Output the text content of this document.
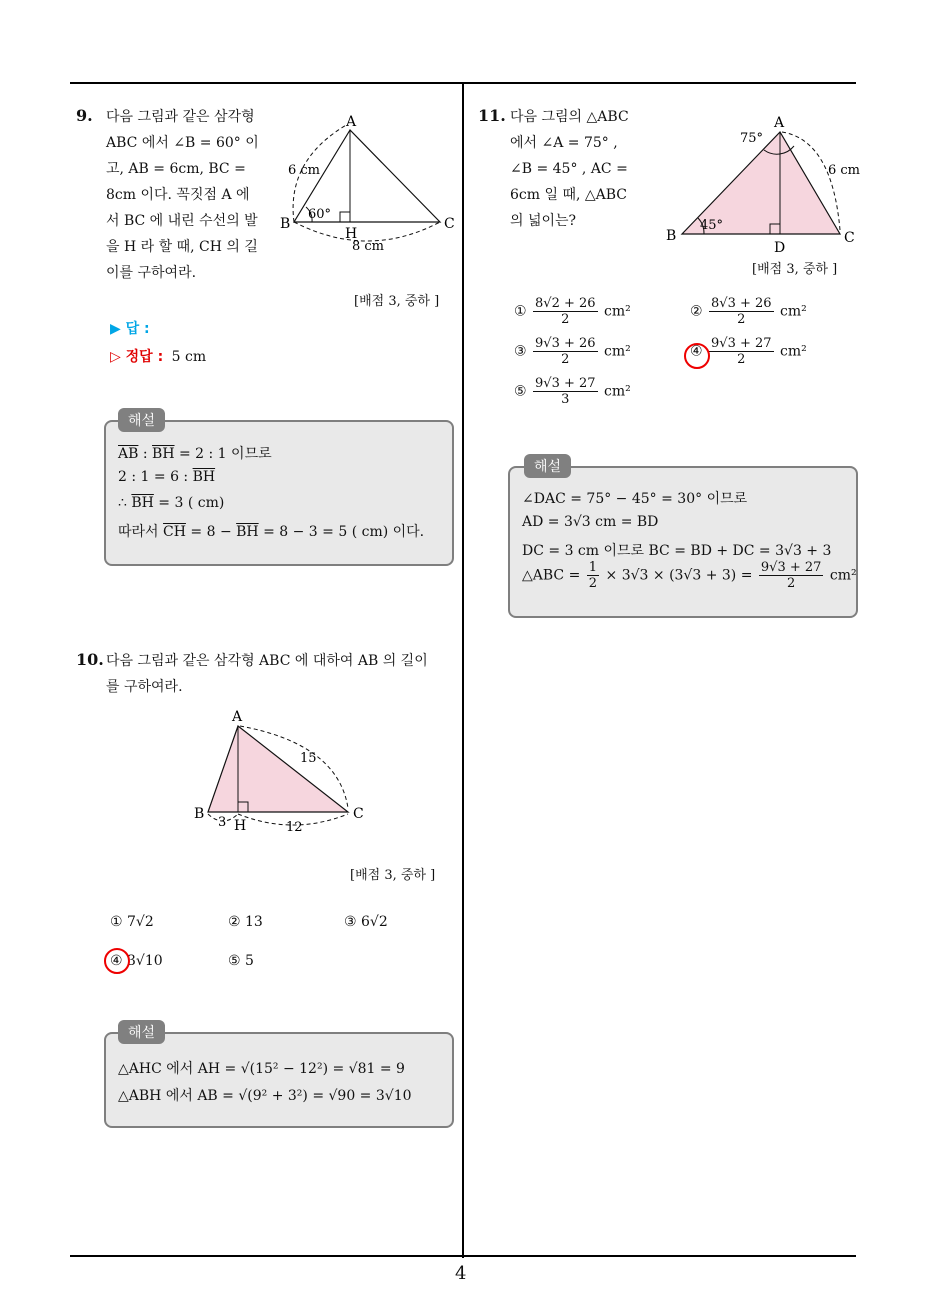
4
9. 다음 그림과 같은 삼각형
ABC 에서 ∠B = 60° 이
고, AB = 6cm, BC =
8cm 이다. 꼭짓점 A 에
서 BC 에 내린 수선의 발
을 H 라 할 때, CH 의 길
이를 구하여라.
A
B	C
H
6 cm
8 cm
60°
[배점 3, 중하 ]
▶ 답 :
▷ 정답 : 5 cm
해설
$\overline{AB}$ : $\overline{BH} = 2$ : 1 이므로
2 : 1 = 6 : $\overline{BH}$
∴ $\overline{BH} = 3$ ( cm)
따라서 $\overline{CH} = 8 - \overline{BH} = 8 - 3 = 5$ ( cm) 이다.
10. 다음 그림과 같은 삼각형 ABC 에 대하여 AB 의 길이
를 구하여라.
A
B	C
H
15
3	12
[배점 3, 중하 ]
① 7√2	② 13	③ 6√2
④ 3√10	⑤ 5
해설
△AHC 에서 AH = √(15² − 12²) = √81 = 9
△ABH 에서 AB = √(9² + 3²) = √90 = 3√10
11. 다음 그림의 △ABC
에서 ∠A = 75° ,
∠B = 45° , AC =
6cm 일 때, △ABC
의 넓이는?
A
B	C
D
6 cm
75°
45°
[배점 3, 중하 ]
① $\frac{8√2 + 26}{2} cm^2$	② $\frac{8√3 + 26}{2} cm^2$
③ $\frac{9√3 + 26}{2} cm^2$	④ $\frac{9√3 + 27}{2} cm^2$
⑤ $\frac{9√3 + 27}{3} cm^2$
해설
∠DAC = 75° − 45° = 30° 이므로
AD = 3√3 cm = BD
DC = 3 cm 이므로 BC = BD + DC = 3√3 + 3
△ABC = $\frac{1}{2} \times 3√3 \times (3√3 + 3) = \frac{9√3 + 27}{2} cm^2$
